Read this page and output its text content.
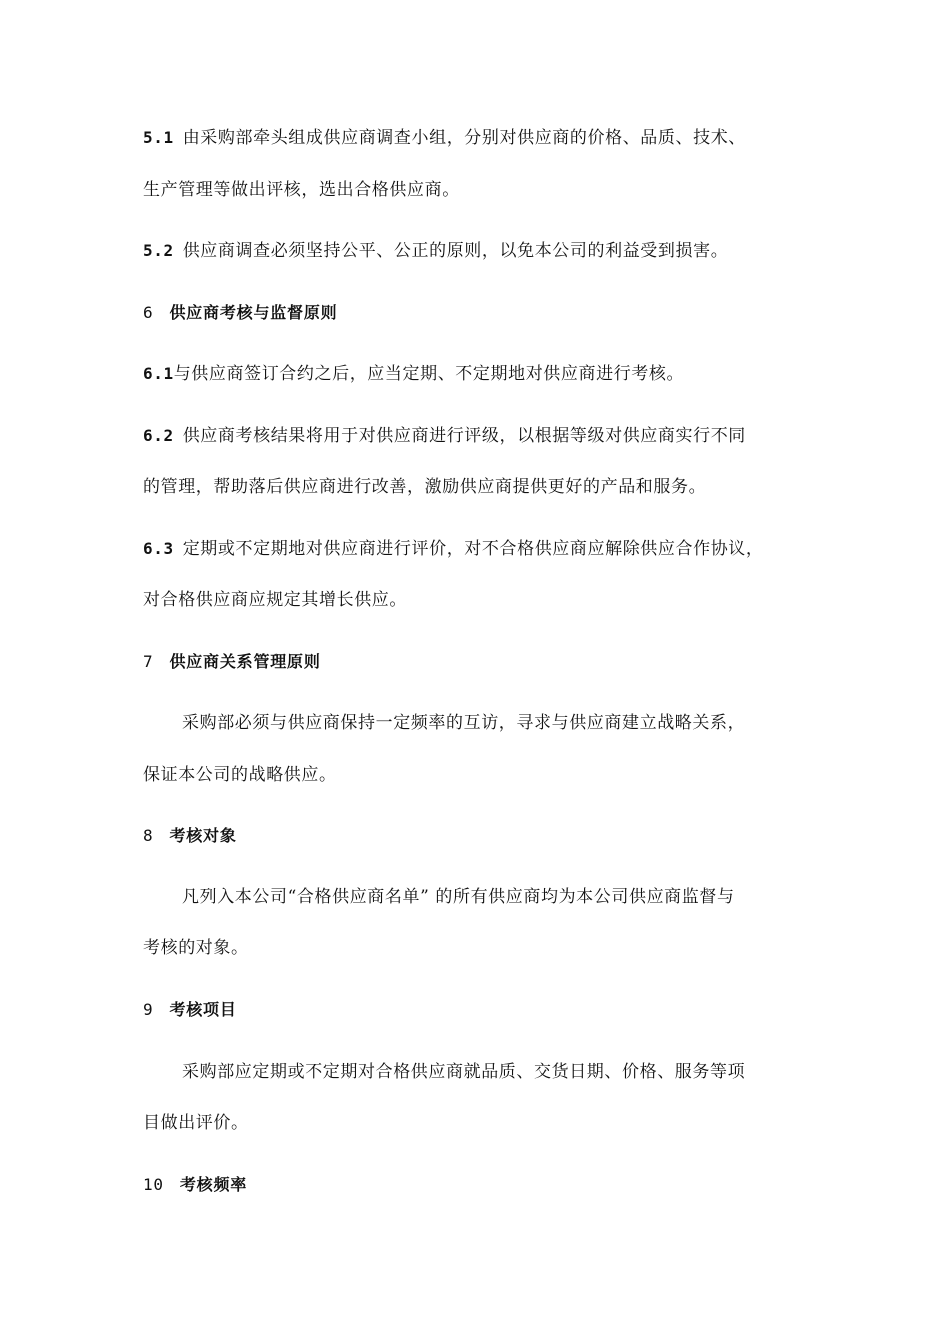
5.1 由采购部牵头组成供应商调查小组，分别对供应商的价格、品质、技术、
生产管理等做出评核，选出合格供应商。
5.2 供应商调查必须坚持公平、公正的原则，以免本公司的利益受到损害。
6 供应商考核与监督原则
6.1与供应商签订合约之后，应当定期、不定期地对供应商进行考核。
6.2 供应商考核结果将用于对供应商进行评级，以根据等级对供应商实行不同
的管理，帮助落后供应商进行改善，激励供应商提供更好的产品和服务。
6.3 定期或不定期地对供应商进行评价，对不合格供应商应解除供应合作协议，
对合格供应商应规定其增长供应。
7 供应商关系管理原则
采购部必须与供应商保持一定频率的互访，寻求与供应商建立战略关系，
保证本公司的战略供应。
8 考核对象
凡列入本公司“合格供应商名单” 的所有供应商均为本公司供应商监督与
考核的对象。
9 考核项目
采购部应定期或不定期对合格供应商就品质、交货日期、价格、服务等项
目做出评价。
10 考核频率
